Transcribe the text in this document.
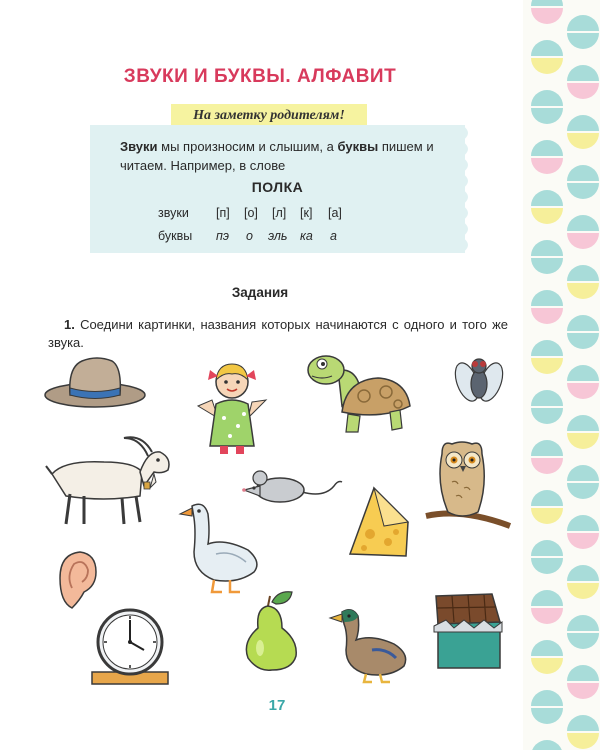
ЗВУКИ И БУКВЫ. АЛФАВИТ
На заметку родителям!

Звуки мы произносим и слышим, а буквы пишем и читаем. Например, в слове

ПОЛКА
звуки [п] [о] [л] [к] [а]
буквы пэ о эль ка а
Задания

1. Соедини картинки, названия которых начинаются с одного и того же звука.

17
